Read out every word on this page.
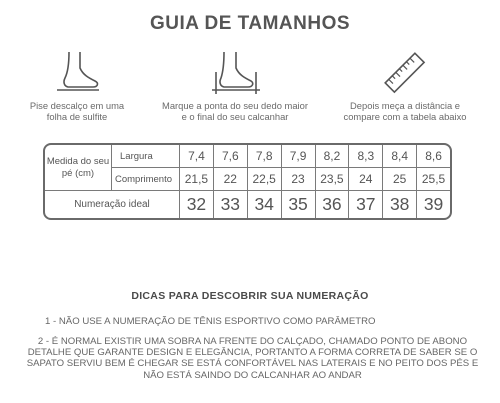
GUIA DE TAMANHOS
Pise descalço em uma folha de sulfite
Marque a ponta do seu dedo maior e o final do seu calcanhar
Depois meça a distância e compare com a tabela abaixo
Medida do seu pé (cm)	Largura	7,4	7,6	7,8	7,9	8,2	8,3	8,4	8,6
	Comprimento	21,5	22	22,5	23	23,5	24	25	25,5
Numeração ideal		32	33	34	35	36	37	38	39
DICAS PARA DESCOBRIR SUA NUMERAÇÃO
1 - NÃO USE A NUMERAÇÃO DE TÊNIS ESPORTIVO COMO PARÂMETRO
2 - É NORMAL EXISTIR UMA SOBRA NA FRENTE DO CALÇADO, CHAMADO PONTO DE ABONO DETALHE QUE GARANTE DESIGN E ELEGÂNCIA, PORTANTO A FORMA CORRETA DE SABER SE O SAPATO SERVIU BEM É CHEGAR SE ESTÁ CONFORTÁVEL NAS LATERAIS E NO PEITO DOS PÉS E NÃO ESTÁ SAINDO DO CALCANHAR AO ANDAR
